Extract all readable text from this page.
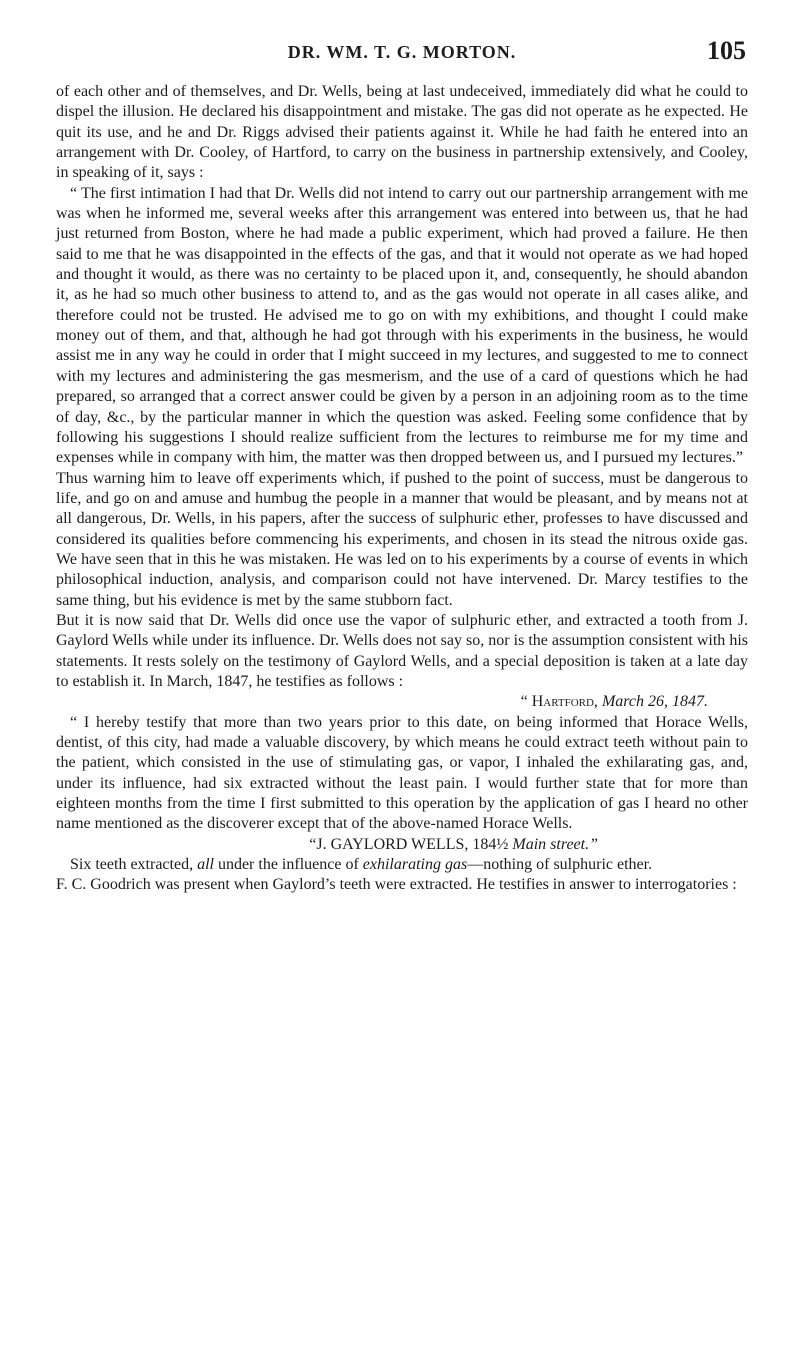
DR. WM. T. G. MORTON.	105

of each other and of themselves, and Dr. Wells, being at last undeceived, immediately did what he could to dispel the illusion. He declared his disappointment and mistake. The gas did not operate as he expected. He quit its use, and he and Dr. Riggs advised their patients against it. While he had faith he entered into an arrangement with Dr. Cooley, of Hartford, to carry on the business in partnership extensively, and Cooley, in speaking of it, says :

“ The first intimation I had that Dr. Wells did not intend to carry out our partnership arrangement with me was when he informed me, several weeks after this arrangement was entered into between us, that he had just returned from Boston, where he had made a public experiment, which had proved a failure. He then said to me that he was disappointed in the effects of the gas, and that it would not operate as we had hoped and thought it would, as there was no certainty to be placed upon it, and, consequently, he should abandon it, as he had so much other business to attend to, and as the gas would not operate in all cases alike, and therefore could not be trusted. He advised me to go on with my exhibitions, and thought I could make money out of them, and that, although he had got through with his experiments in the business, he would assist me in any way he could in order that I might succeed in my lectures, and suggested to me to connect with my lectures and administering the gas mesmerism, and the use of a card of questions which he had prepared, so arranged that a correct answer could be given by a person in an adjoining room as to the time of day, &c., by the particular manner in which the question was asked. Feeling some confidence that by following his suggestions I should realize sufficient from the lectures to reimburse me for my time and expenses while in company with him, the matter was then dropped between us, and I pursued my lectures.”

Thus warning him to leave off experiments which, if pushed to the point of success, must be dangerous to life, and go on and amuse and humbug the people in a manner that would be pleasant, and by means not at all dangerous, Dr. Wells, in his papers, after the success of sulphuric ether, professes to have discussed and considered its qualities before commencing his experiments, and chosen in its stead the nitrous oxide gas. We have seen that in this he was mistaken. He was led on to his experiments by a course of events in which philosophical induction, analysis, and comparison could not have intervened. Dr. Marcy testifies to the same thing, but his evidence is met by the same stubborn fact.

But it is now said that Dr. Wells did once use the vapor of sulphuric ether, and extracted a tooth from J. Gaylord Wells while under its influence. Dr. Wells does not say so, nor is the assumption consistent with his statements. It rests solely on the testimony of Gaylord Wells, and a special deposition is taken at a late day to establish it. In March, 1847, he testifies as follows :

“ Hartford, March 26, 1847.

“ I hereby testify that more than two years prior to this date, on being informed that Horace Wells, dentist, of this city, had made a valuable discovery, by which means he could extract teeth without pain to the patient, which consisted in the use of stimulating gas, or vapor, I inhaled the exhilarating gas, and, under its influence, had six extracted without the least pain. I would further state that for more than eighteen months from the time I first submitted to this operation by the application of gas I heard no other name mentioned as the discoverer except that of the above-named Horace Wells.

“J. GAYLORD WELLS, 184½ Main street.”

Six teeth extracted, all under the influence of exhilarating gas—nothing of sulphuric ether.

F. C. Goodrich was present when Gaylord’s teeth were extracted. He testifies in answer to interrogatories :
